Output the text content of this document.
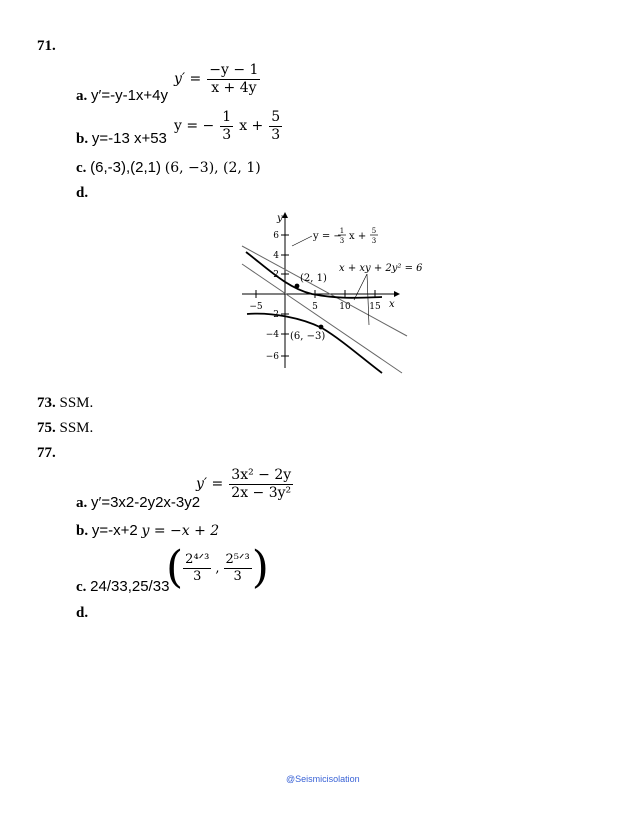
71.
a. y′=-y-1x+4y
$y' = \frac{-y - 1}{x + 4y}$
b. y=-13 x+53
y = − $\frac{1}{3}$ $x + \frac{5}{3}$
c. (6,-3),(2,1) (6, −3), (2, 1)
d.
y
x
6
4
2
−2
−4
−6
−5	5 10 15
(2, 1)
(6, −3)
y = −
1
3 x + 5
3
x + xy + 2y² = 6
73. SSM.
75. SSM.
77.
a. y′=3x2-2y2x-3y2
$y' = \frac{\text{3x² − 2y}}{\text{2x − 3y²}}$
b. y=-x+2 y = −x + 2
c. 24/33,25/33
( $\frac{\text{2⁴ᐟ³}}{3}$ , $\frac{\text{2⁵ᐟ³}}{3}$ )
d.
@Seismicisolation
